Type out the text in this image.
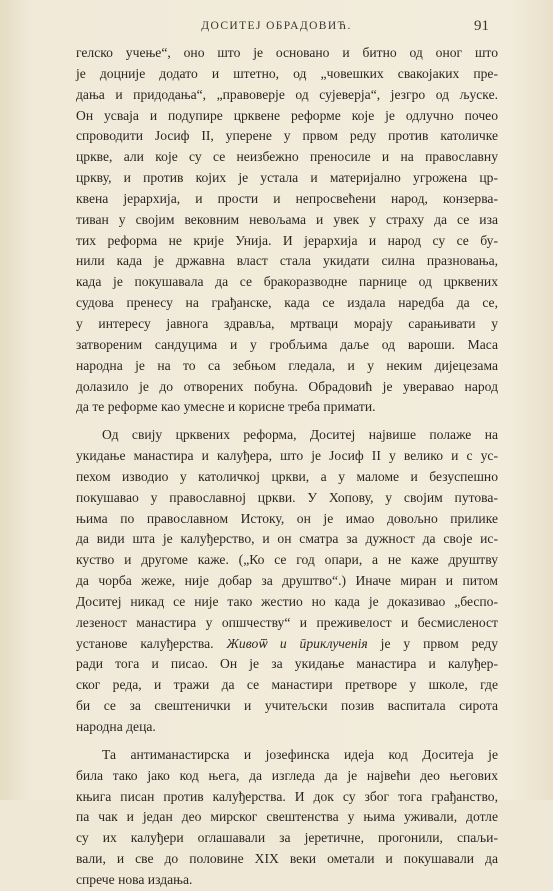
ДОСИТЕЈ ОБРАДОВИЋ.	91
гелско учење“, оно што је основано и битно од оног што
је доцније додато и штетно, од „човешких свакојаких пре-
дања и придодања“, „правоверје од сујеверја“, језгро од љуске.
Он усваја и подупире црквене реформе које је одлучно почео
спроводити Јосиф II, уперене у првом реду против католичке
цркве, али које су се неизбежно преносиле и на православну
цркву, и против којих је устала и материјално угрожена цр-
квена јерархија, и прости и непросвећени народ, конзерва-
тиван у својим вековним невољама и увек у страху да се иза
тих реформа не крије Унија. И јерархија и народ су се бу-
нили када је државна власт стала укидати силна празновања,
када је покушавала да се бракоразводне парнице од црквених
судова пренесу на грађанске, када се издала наредба да се,
у интересу јавнога здравља, мртваци морају сарањивати у
затвореним сандуцима и у гробљима даље од вароши. Маса
народна је на то са зебњом гледала, и у неким дијецезама
долазило је до отворених побуна. Обрадовић је уверавао народ
да те реформе као умесне и корисне треба примати.
Од свију црквених реформа, Доситеј највише полаже на
укидање манастира и калуђера, што је Јосиф II у велико и с ус-
пехом изводио у католичкој цркви, а у маломе и безуспешно
покушавао у православној цркви. У Хопову, у својим путова-
њима по православном Истоку, он је имао довољно прилике
да види шта је калуђерство, и он сматра за дужност да своје ис-
куство и другоме каже. („Ко се год опари, а не каже друштву
да чорба жеже, није добар за друштво“.) Иначе миран и питом
Доситеј никад се није тако жестио но када је доказивао „беспо-
лезеност манастира у опшчеству“ и преживелост и бесмисленост
установе калуђерства. Живоѿ и ӣриклученія је у првом реду
ради тога и писао. Он је за укидање манастира и калуђер-
ског реда, и тражи да се манастири претворе у школе, где
би се за свештенички и учитељски позив васпитала сирота
народна деца.
Та антиманастирска и јозефинска идеја код Доситеја је
била тако јако код њега, да изгледа да је највећи део његових
књига писан против калуђерства. И док су због тога грађанство,
па чак и један део мирског свештенства у њима уживали, дотле
су их калуђери оглашавали за јеретичне, прогонили, спаљи-
вали, и све до половине XIX веки ометали и покушавали да
спрече нова издања.
